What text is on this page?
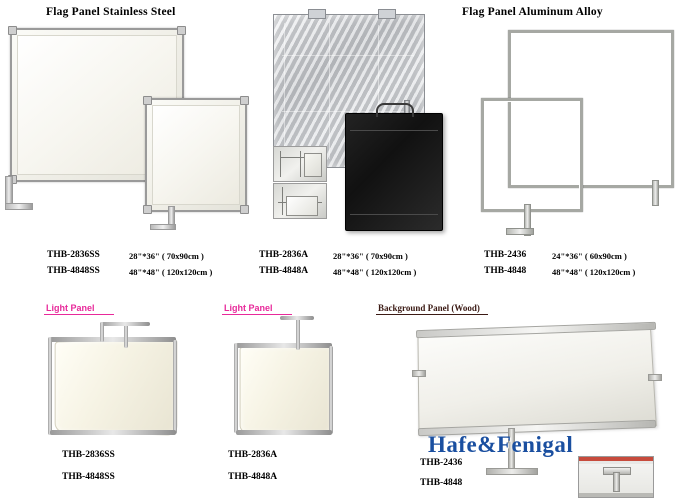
Flag Panel Stainless Steel	Flag Panel Aluminum Alloy
THB-2836SS	28"*36" ( 70x90cm )
THB-4848SS	48"*48" ( 120x120cm )
THB-2836A	28"*36" ( 70x90cm )
THB-4848A	48"*48" ( 120x120cm )
THB-2436	24"*36" ( 60x90cm )
THB-4848	48"*48" ( 120x120cm )
Light Panel	Light Panel	Background Panel (Wood)
THB-2836SS
THB-4848SS
THB-2836A
THB-4848A
THB-2436
THB-4848
Hafe&Fenigal
